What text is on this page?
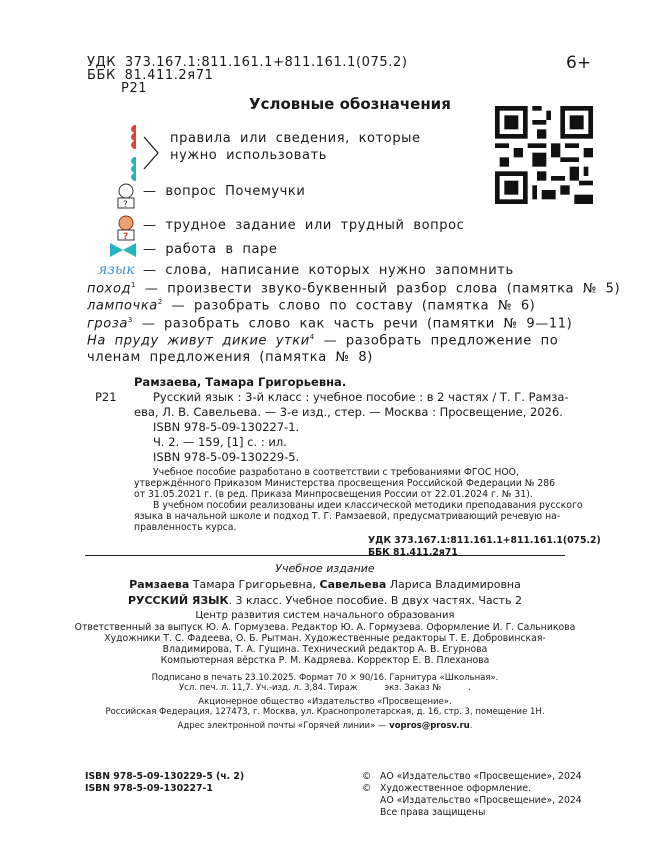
УДК 373.167.1:811.161.1+811.161.1(075.2)
ББК 81.411.2я71
Р21
6+
Условные обозначения
правила или сведения, которые
нужно использовать
?
— вопрос Почемучки
?
— трудное задание или трудный вопрос
— работа в паре
язык — слова, написание которых нужно запомнить
поход$^1$ — произвести звуко-буквенный разбор слова (памятка № 5)
лампочка$^2$ — разобрать слово по составу (памятка № 6)
гроза$^3$ — разобрать слово как часть речи (памятки № 9—11)
На пруду живут дикие утки$^4$ — разобрать предложение по
членам предложения (памятка № 8)
Рамзаева, Тамара Григорьевна.
Р21	Русский язык : 3-й класс : учебное пособие : в 2 частях / Т. Г. Рамза-
ева, Л. В. Савельева. — 3-е изд., стер. — Москва : Просвещение, 2026.
ISBN 978-5-09-130227-1.
Ч. 2. — 159, [1] с. : ил.
ISBN 978-5-09-130229-5.
Учебное пособие разработано в соответствии с требованиями ФГОС НОО,
утверждённого Приказом Министерства просвещения Российской Федерации № 286
от 31.05.2021 г. (в ред. Приказа Минпросвещения России от 22.01.2024 г. № 31).
В учебном пособии реализованы идеи классической методики преподавания русского
языка в начальной школе и подход Т. Г. Рамзаевой, предусматривающий речевую на-
правленность курса.
УДК 373.167.1:811.161.1+811.161.1(075.2)
ББК 81.411.2я71
Учебное издание
Рамзаева Тамара Григорьевна, Савельева Лариса Владимировна
РУССКИЙ ЯЗЫК. 3 класс. Учебное пособие. В двух частях. Часть 2
Центр развития систем начального образования
Ответственный за выпуск Ю. А. Гормузева. Редактор Ю. А. Гормузева. Оформление И. Г. Сальникова
Художники Т. С. Фадеева, О. Б. Рытман. Художественные редакторы Т. Е. Добровинская-
Владимирова, Т. А. Гущина. Технический редактор А. В. Егурнова
Компьютерная вёрстка Р. М. Кадряева. Корректор Е. В. Плеханова
Подписано в печать 23.10.2025. Формат 70 × 90/16. Гарнитура «Школьная».
Усл. печ. л. 11,7. Уч.-изд. л. 3,84. Тираж          экз. Заказ №          .
Акционерное общество «Издательство «Просвещение».
Российская Федерация, 127473, г. Москва, ул. Краснопролетарская, д. 16, стр. 3, помещение 1Н.
Адрес электронной почты «Горячей линии» — vopros@prosv.ru.
ISBN 978-5-09-130229-5 (ч. 2)
ISBN 978-5-09-130227-1
© АО «Издательство «Просвещение», 2024
© Художественное оформление.
АО «Издательство «Просвещение», 2024
Все права защищены
